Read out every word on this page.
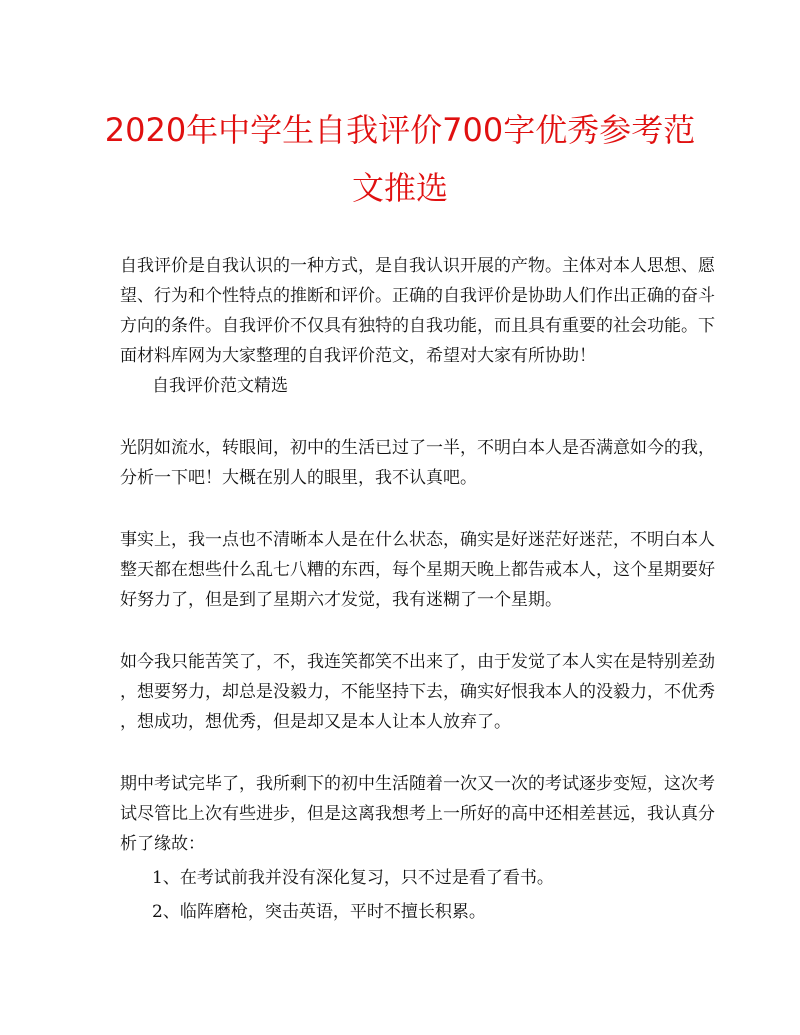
2020年中学生自我评价700字优秀参考范
文推选
自我评价是自我认识的一种方式，是自我认识开展的产物。主体对本人思想、愿
望、行为和个性特点的推断和评价。正确的自我评价是协助人们作出正确的奋斗
方向的条件。自我评价不仅具有独特的自我功能，而且具有重要的社会功能。下
面材料库网为大家整理的自我评价范文，希望对大家有所协助！
自我评价范文精选
光阴如流水，转眼间，初中的生活已过了一半，不明白本人是否满意如今的我，
分析一下吧！大概在别人的眼里，我不认真吧。
事实上，我一点也不清晰本人是在什么状态，确实是好迷茫好迷茫，不明白本人
整天都在想些什么乱七八糟的东西，每个星期天晚上都告戒本人，这个星期要好
好努力了，但是到了星期六才发觉，我有迷糊了一个星期。
如今我只能苦笑了，不，我连笑都笑不出来了，由于发觉了本人实在是特别差劲
，想要努力，却总是没毅力，不能坚持下去，确实好恨我本人的没毅力，不优秀
，想成功，想优秀，但是却又是本人让本人放弃了。
期中考试完毕了，我所剩下的初中生活随着一次又一次的考试逐步变短，这次考
试尽管比上次有些进步，但是这离我想考上一所好的高中还相差甚远，我认真分
析了缘故：
1、在考试前我并没有深化复习，只不过是看了看书。
2、临阵磨枪，突击英语，平时不擅长积累。
